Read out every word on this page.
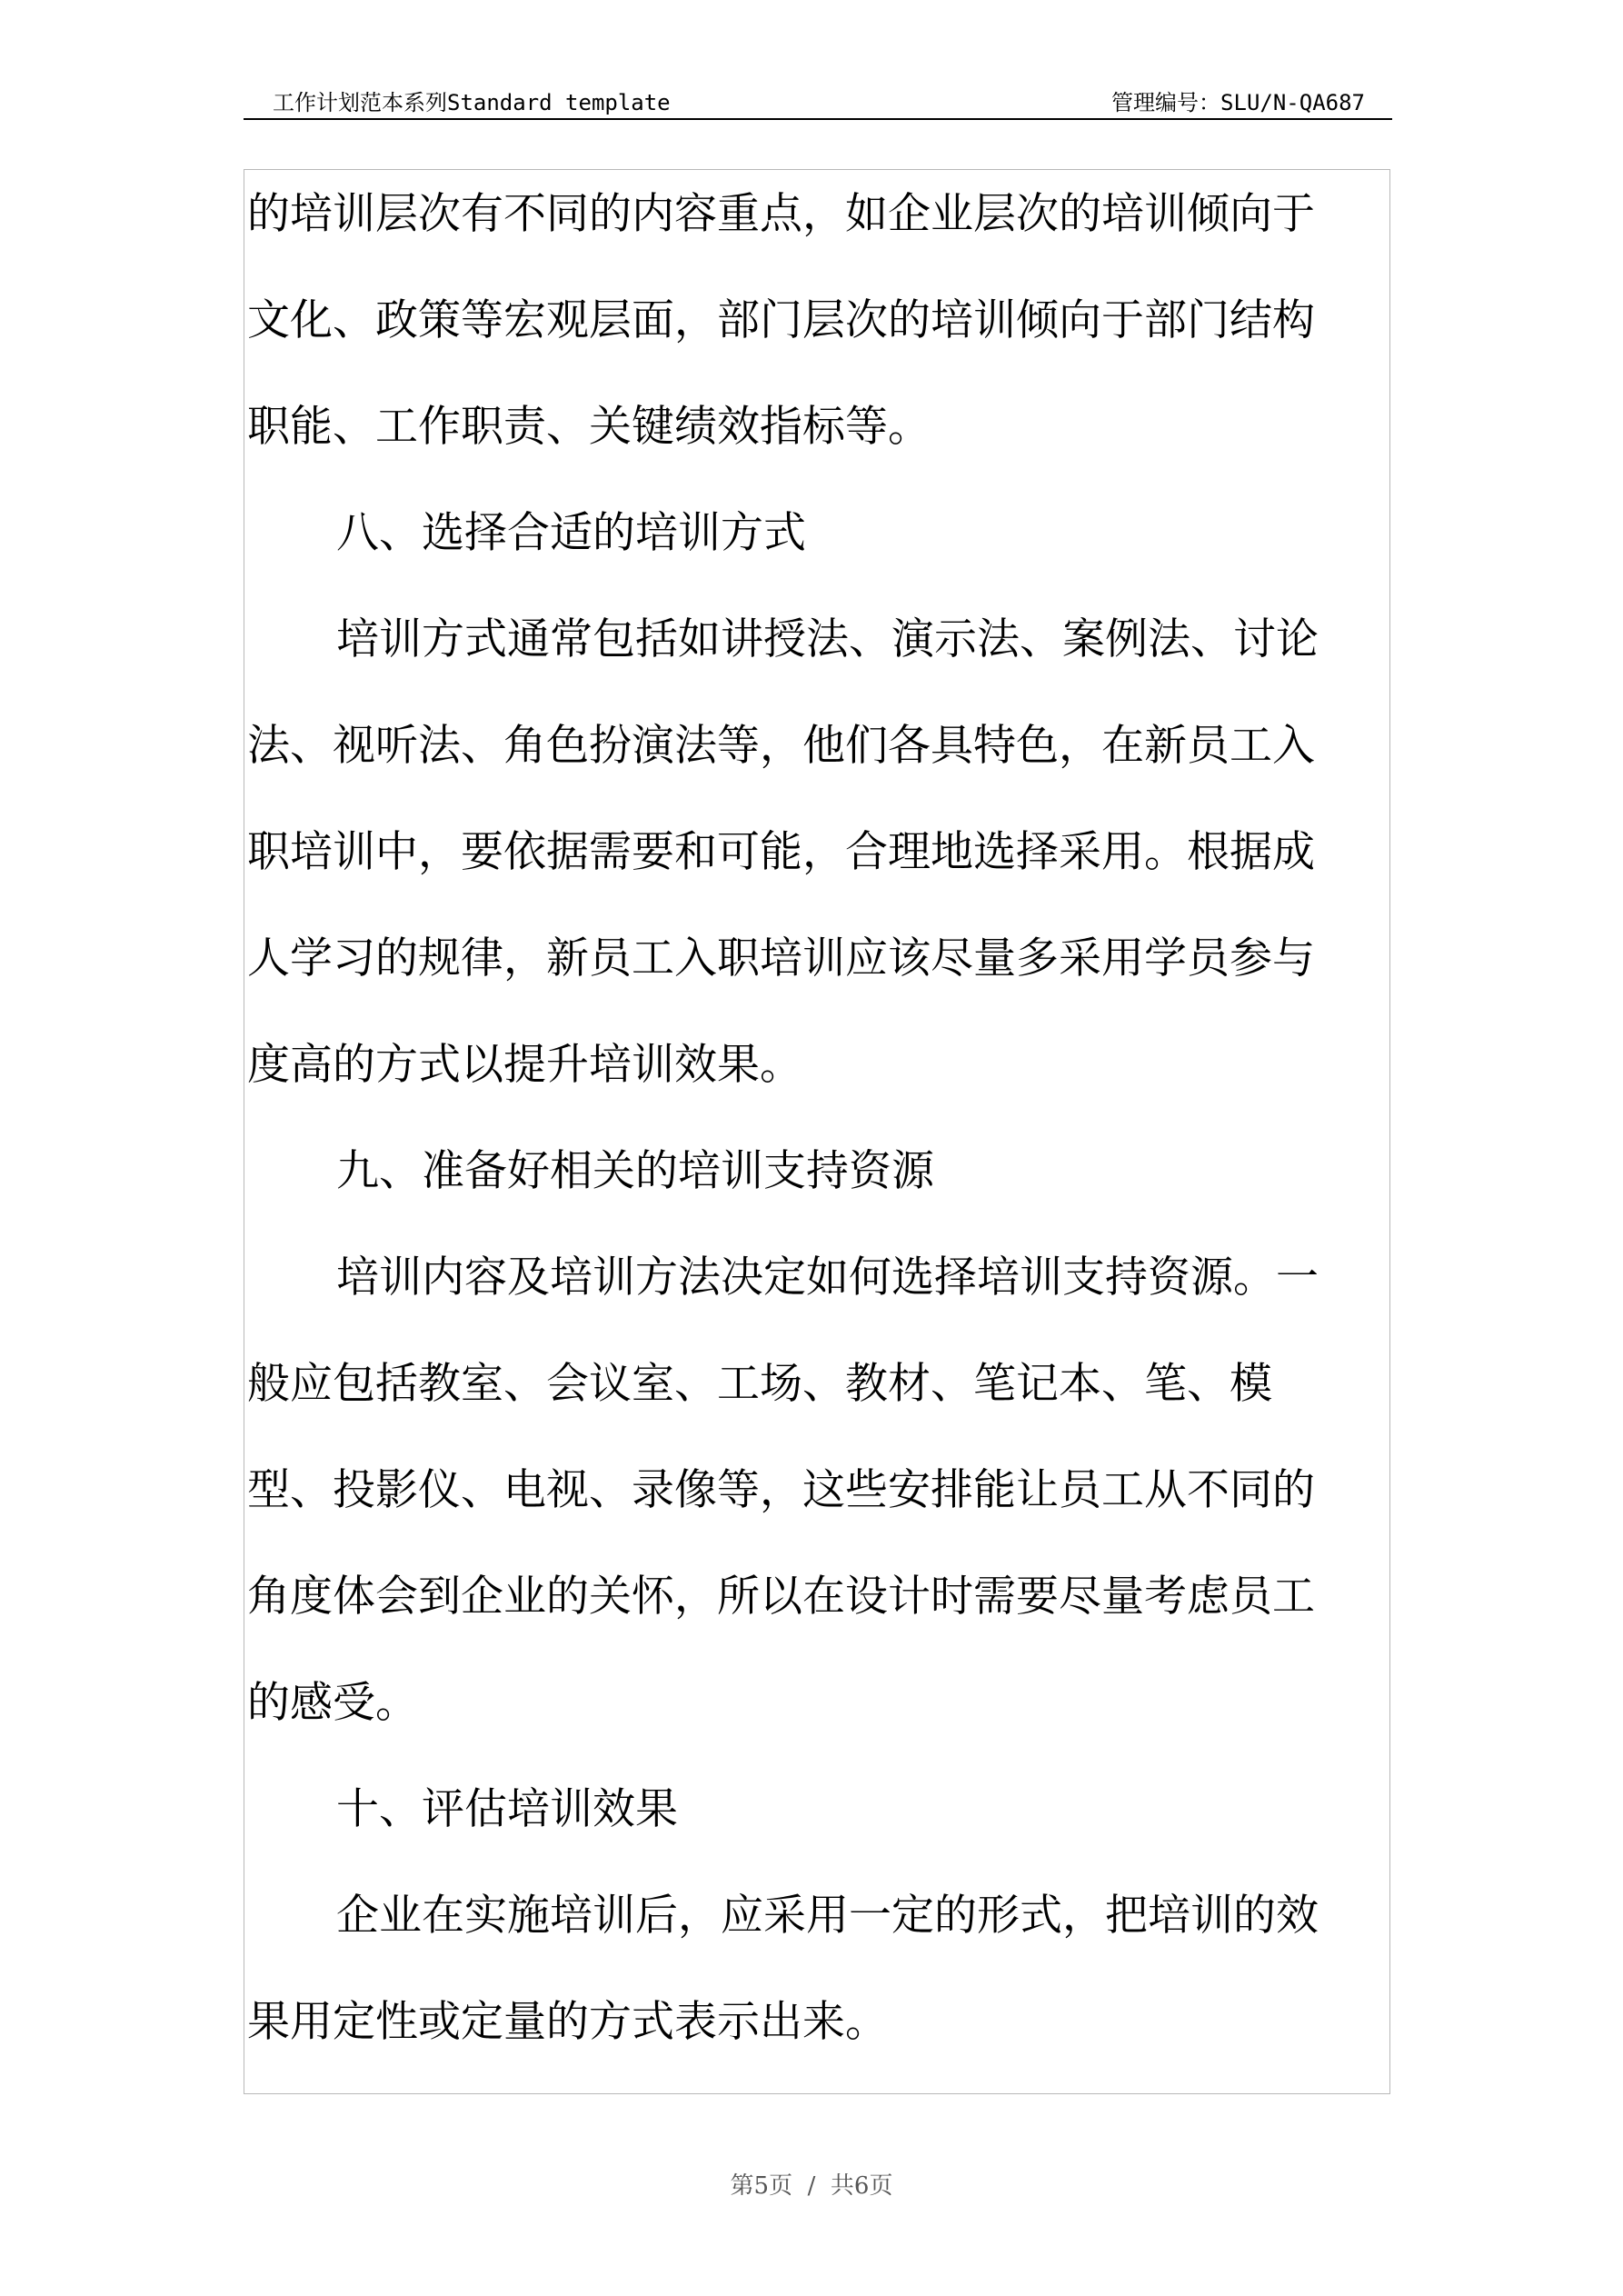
工作计划范本系列Standard template	管理编号：SLU/N-QA687
的培训层次有不同的内容重点，如企业层次的培训倾向于
文化、政策等宏观层面，部门层次的培训倾向于部门结构
职能、工作职责、关键绩效指标等。
八、选择合适的培训方式
培训方式通常包括如讲授法、演示法、案例法、讨论
法、视听法、角色扮演法等，他们各具特色，在新员工入
职培训中，要依据需要和可能，合理地选择采用。根据成
人学习的规律，新员工入职培训应该尽量多采用学员参与
度高的方式以提升培训效果。
九、准备好相关的培训支持资源
培训内容及培训方法决定如何选择培训支持资源。一
般应包括教室、会议室、工场、教材、笔记本、笔、模
型、投影仪、电视、录像等，这些安排能让员工从不同的
角度体会到企业的关怀，所以在设计时需要尽量考虑员工
的感受。
十、评估培训效果
企业在实施培训后，应采用一定的形式，把培训的效
果用定性或定量的方式表示出来。
第5页  /  共6页
